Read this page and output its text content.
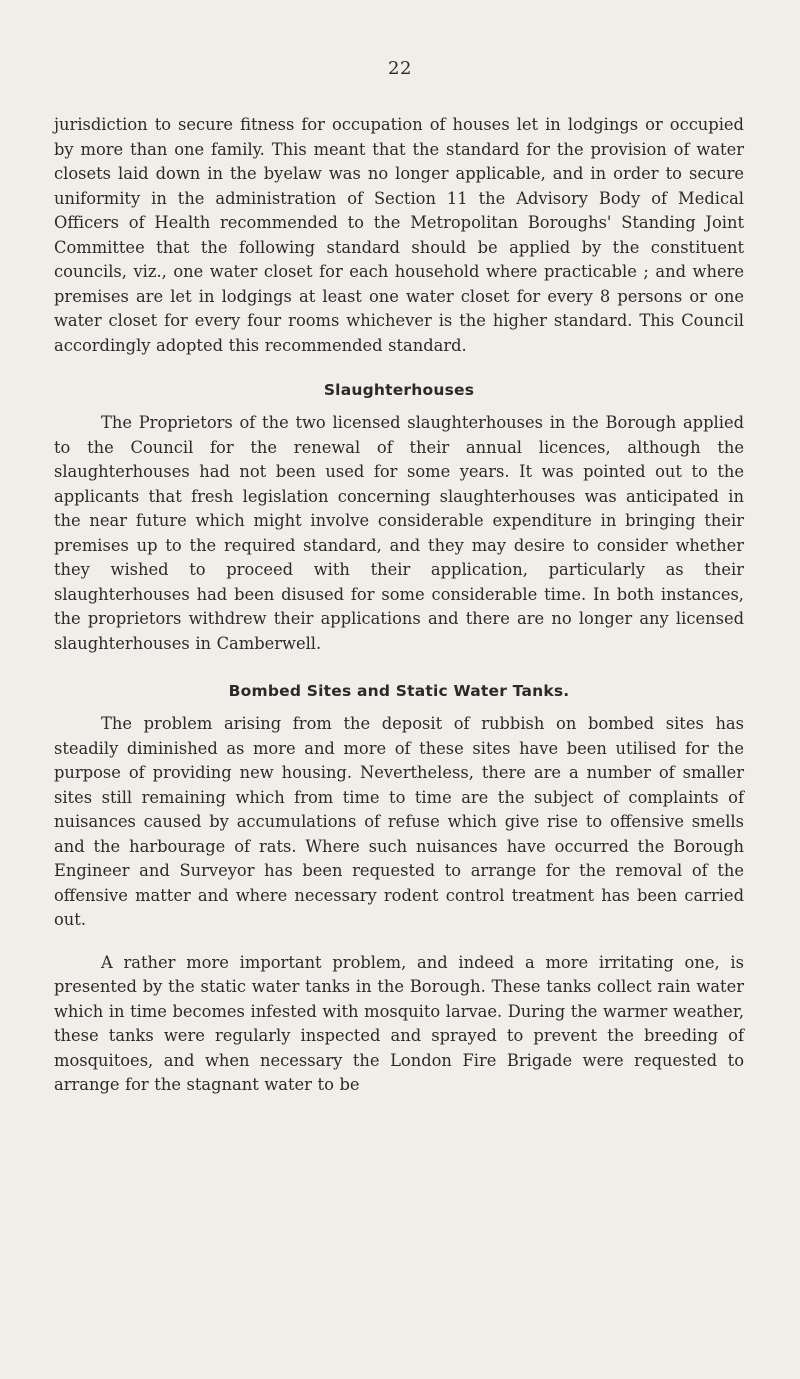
22

jurisdiction to secure fitness for occupation of houses let in lodgings or occupied by more than one family. This meant that the standard for the provision of water closets laid down in the byelaw was no longer applicable, and in order to secure uniformity in the administration of Section 11 the Advisory Body of Medical Officers of Health recommended to the Metropolitan Boroughs' Standing Joint Committee that the following standard should be applied by the constituent councils, viz., one water closet for each household where practicable ; and where premises are let in lodgings at least one water closet for every 8 persons or one water closet for every four rooms whichever is the higher standard. This Council accordingly adopted this recommended standard.

Slaughterhouses

The Proprietors of the two licensed slaughterhouses in the Borough applied to the Council for the renewal of their annual licences, although the slaughterhouses had not been used for some years. It was pointed out to the applicants that fresh legislation concerning slaughterhouses was anticipated in the near future which might involve considerable expenditure in bringing their premises up to the required standard, and they may desire to consider whether they wished to proceed with their application, particularly as their slaughterhouses had been disused for some considerable time. In both instances, the proprietors withdrew their applications and there are no longer any licensed slaughterhouses in Camberwell.

Bombed Sites and Static Water Tanks.

The problem arising from the deposit of rubbish on bombed sites has steadily diminished as more and more of these sites have been utilised for the purpose of providing new housing. Nevertheless, there are a number of smaller sites still remaining which from time to time are the subject of complaints of nuisances caused by accumulations of refuse which give rise to offensive smells and the harbourage of rats. Where such nuisances have occurred the Borough Engineer and Surveyor has been requested to arrange for the removal of the offensive matter and where necessary rodent control treatment has been carried out.

A rather more important problem, and indeed a more irritating one, is presented by the static water tanks in the Borough. These tanks collect rain water which in time becomes infested with mosquito larvae. During the warmer weather, these tanks were regularly inspected and sprayed to prevent the breeding of mosquitoes, and when necessary the London Fire Brigade were requested to arrange for the stagnant water to be
